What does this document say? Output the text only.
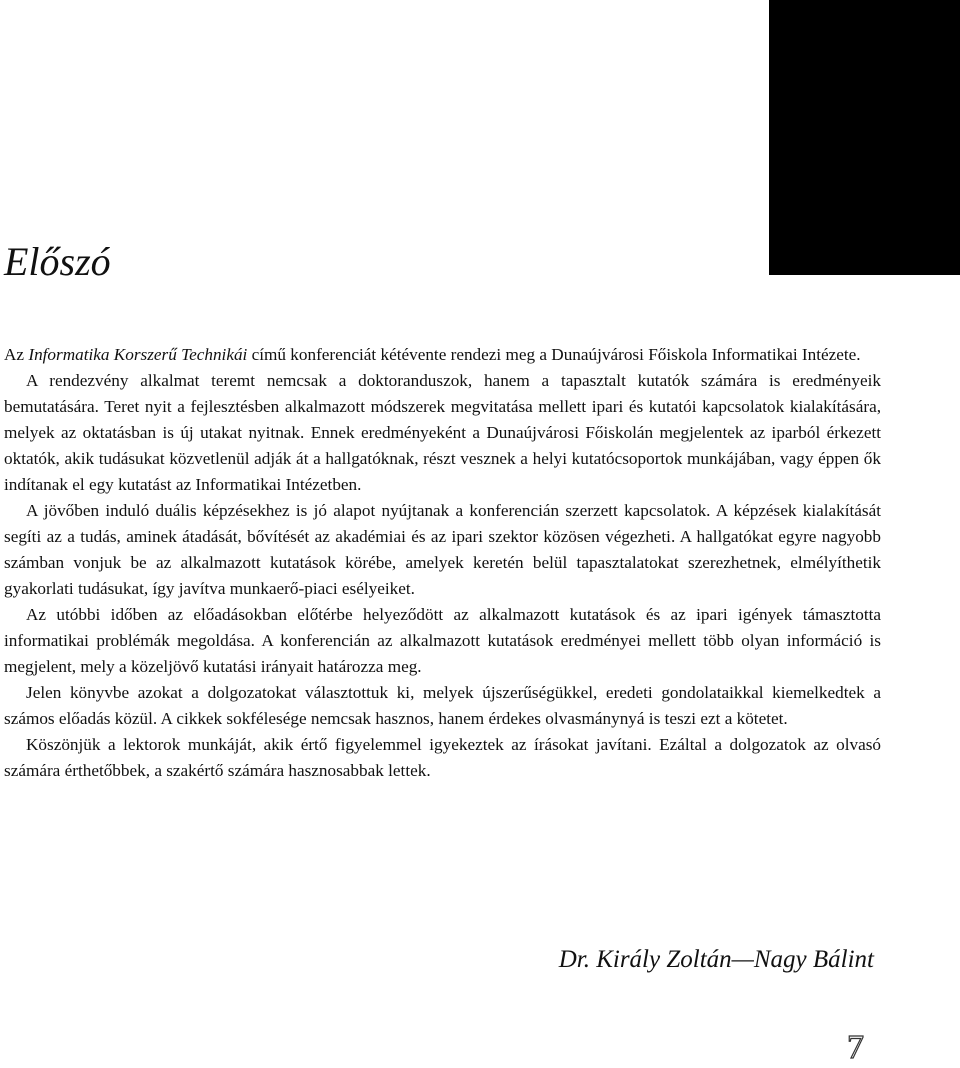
Előszó

Az Informatika Korszerű Technikái című konferenciát kétévente rendezi meg a Dunaújvárosi Főiskola Informatikai Intézete.

A rendezvény alkalmat teremt nemcsak a doktoranduszok, hanem a tapasztalt kutatók számára is eredményeik bemutatására. Teret nyit a fejlesztésben alkalmazott módszerek megvitatása mellett ipari és kutatói kapcsolatok kialakítására, melyek az oktatásban is új utakat nyitnak. Ennek eredményeként a Dunaújvárosi Főiskolán megjelentek az iparból érkezett oktatók, akik tudásukat közvetlenül adják át a hallgatóknak, részt vesznek a helyi kutatócsoportok munkájában, vagy éppen ők indítanak el egy kutatást az Informatikai Intézetben.

A jövőben induló duális képzésekhez is jó alapot nyújtanak a konferencián szerzett kapcsolatok. A képzések kialakítását segíti az a tudás, aminek átadását, bővítését az akadémiai és az ipari szektor közösen végezheti. A hallgatókat egyre nagyobb számban vonjuk be az alkalmazott kutatások körébe, amelyek keretén belül tapasztalatokat szerezhetnek, elmélyíthetik gyakorlati tudásukat, így javítva munkaerő-piaci esélyeiket.

Az utóbbi időben az előadásokban előtérbe helyeződött az alkalmazott kutatások és az ipari igények támasztotta informatikai problémák megoldása. A konferencián az alkalmazott kutatások eredményei mellett több olyan információ is megjelent, mely a közeljövő kutatási irányait határozza meg.

Jelen könyvbe azokat a dolgozatokat választottuk ki, melyek újszerűségükkel, eredeti gondolataikkal kiemelkedtek a számos előadás közül. A cikkek sokfélesége nemcsak hasznos, hanem érdekes olvasmánynyá is teszi ezt a kötetet.

Köszönjük a lektorok munkáját, akik értő figyelemmel igyekeztek az írásokat javítani. Ezáltal a dolgozatok az olvasó számára érthetőbbek, a szakértő számára hasznosabbak lettek.

Dr. Király Zoltán—Nagy Bálint
7
